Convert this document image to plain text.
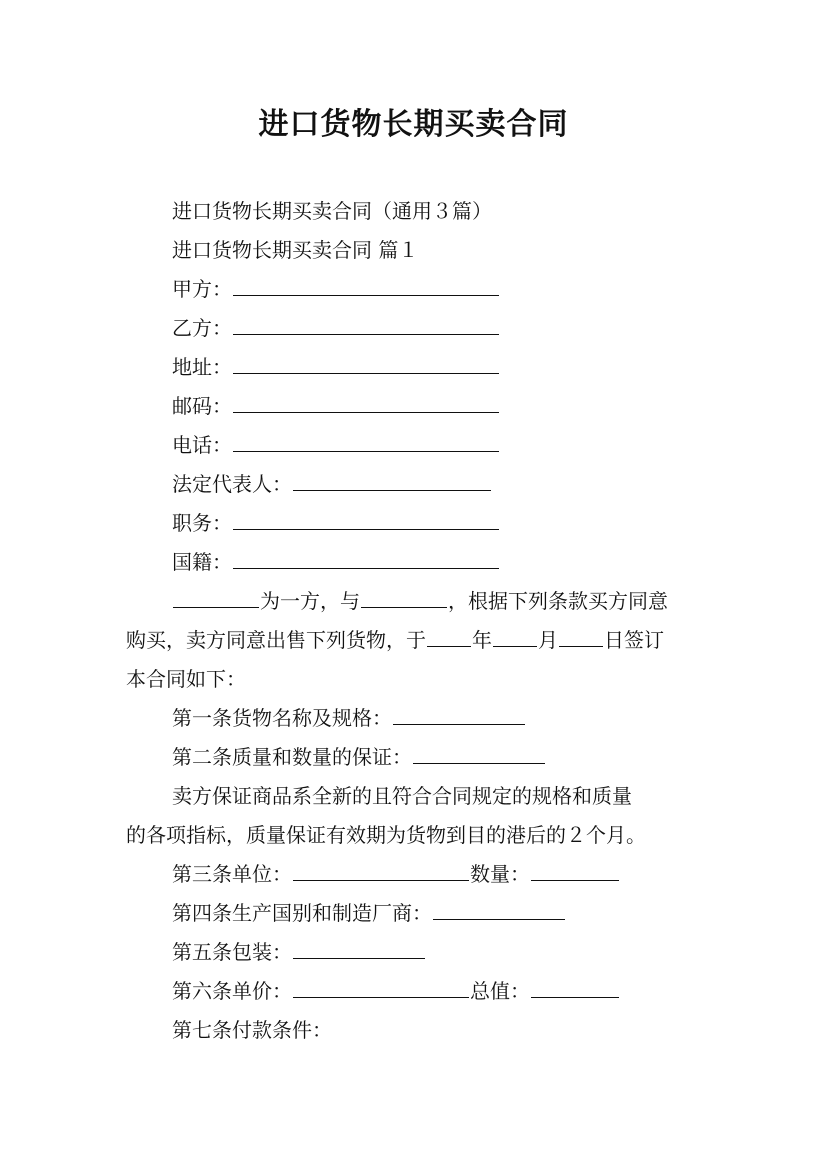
进口货物长期买卖合同
进口货物长期买卖合同（通用３篇）
进口货物长期买卖合同 篇１
甲方：
乙方：
地址：
邮码：
电话：
法定代表人：
职务：
国籍：
为一方，与	，根据下列条款买方同意
购买，卖方同意出售下列货物，于 年 月 日签订
本合同如下：
第一条货物名称及规格：
第二条质量和数量的保证：
卖方保证商品系全新的且符合合同规定的规格和质量
的各项指标，质量保证有效期为货物到目的港后的２个月。
第三条单位：	数量：
第四条生产国别和制造厂商：
第五条包装：
第六条单价：	总值：
第七条付款条件：
